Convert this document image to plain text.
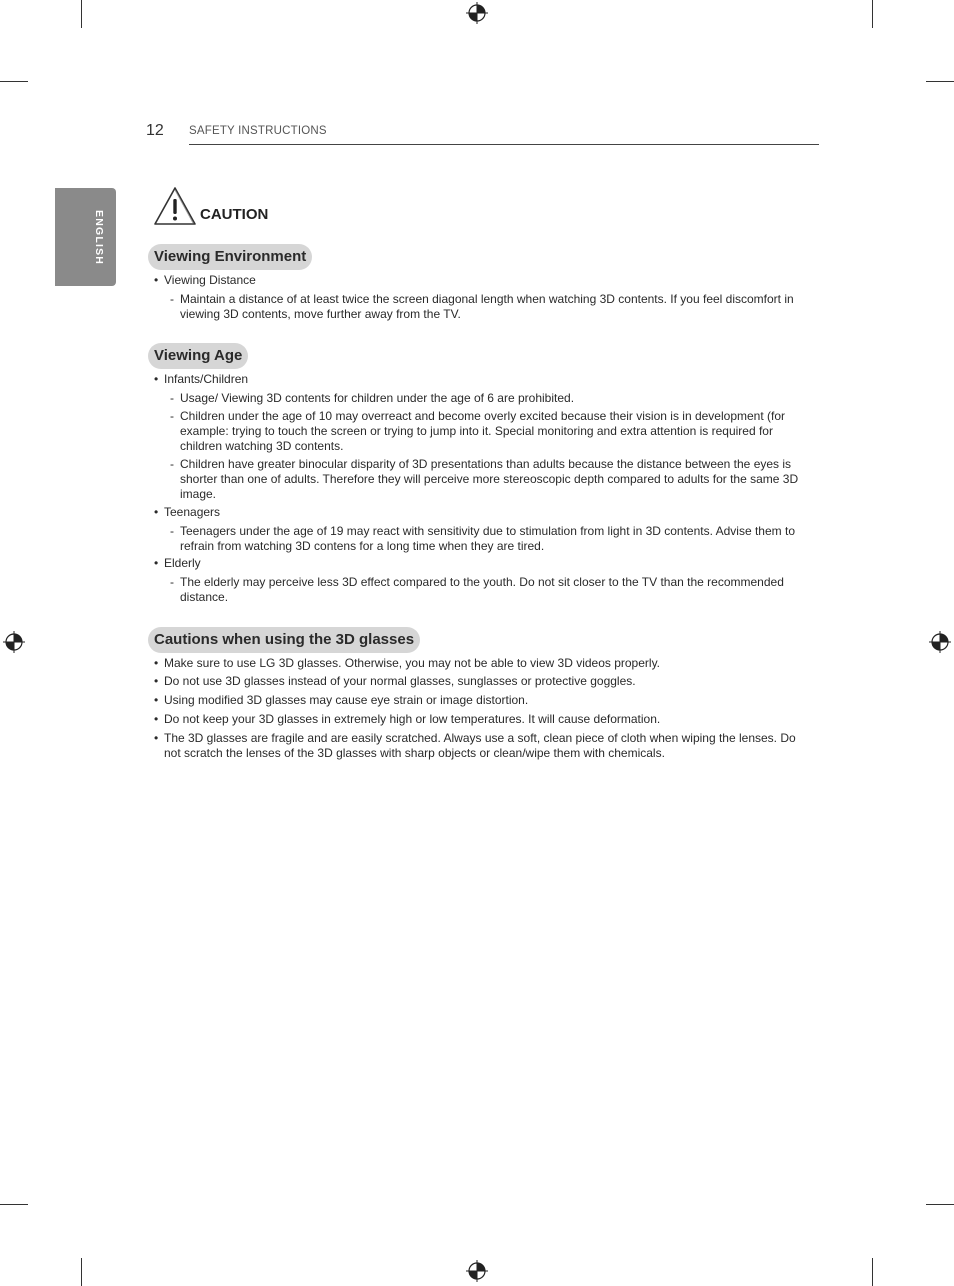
12 SAFETY INSTRUCTIONS
ENGLISH	CAUTION
Viewing Environment
• Viewing Distance
- Maintain a distance of at least twice the screen diagonal length when watching 3D contents. If you feel discomfort in viewing 3D contents, move further away from the TV.
Viewing Age
• Infants/Children
- Usage/ Viewing 3D contents for children under the age of 6 are prohibited.
- Children under the age of 10 may overreact and become overly excited because their vision is in development (for example: trying to touch the screen or trying to jump into it. Special monitoring and extra attention is required for children watching 3D contents.
- Children have greater binocular disparity of 3D presentations than adults because the distance between the eyes is shorter than one of adults. Therefore they will perceive more stereoscopic depth compared to adults for the same 3D image.
• Teenagers
- Teenagers under the age of 19 may react with sensitivity due to stimulation from light in 3D contents. Advise them to refrain from watching 3D contens for a long time when they are tired.
• Elderly
- The elderly may perceive less 3D effect compared to the youth. Do not sit closer to the TV than the recommended distance.
Cautions when using the 3D glasses
• Make sure to use LG 3D glasses. Otherwise, you may not be able to view 3D videos properly.
• Do not use 3D glasses instead of your normal glasses, sunglasses or protective goggles.
• Using modified 3D glasses may cause eye strain or image distortion.
• Do not keep your 3D glasses in extremely high or low temperatures. It will cause deformation.
• The 3D glasses are fragile and are easily scratched. Always use a soft, clean piece of cloth when wiping the lenses. Do not scratch the lenses of the 3D glasses with sharp objects or clean/wipe them with chemicals.
